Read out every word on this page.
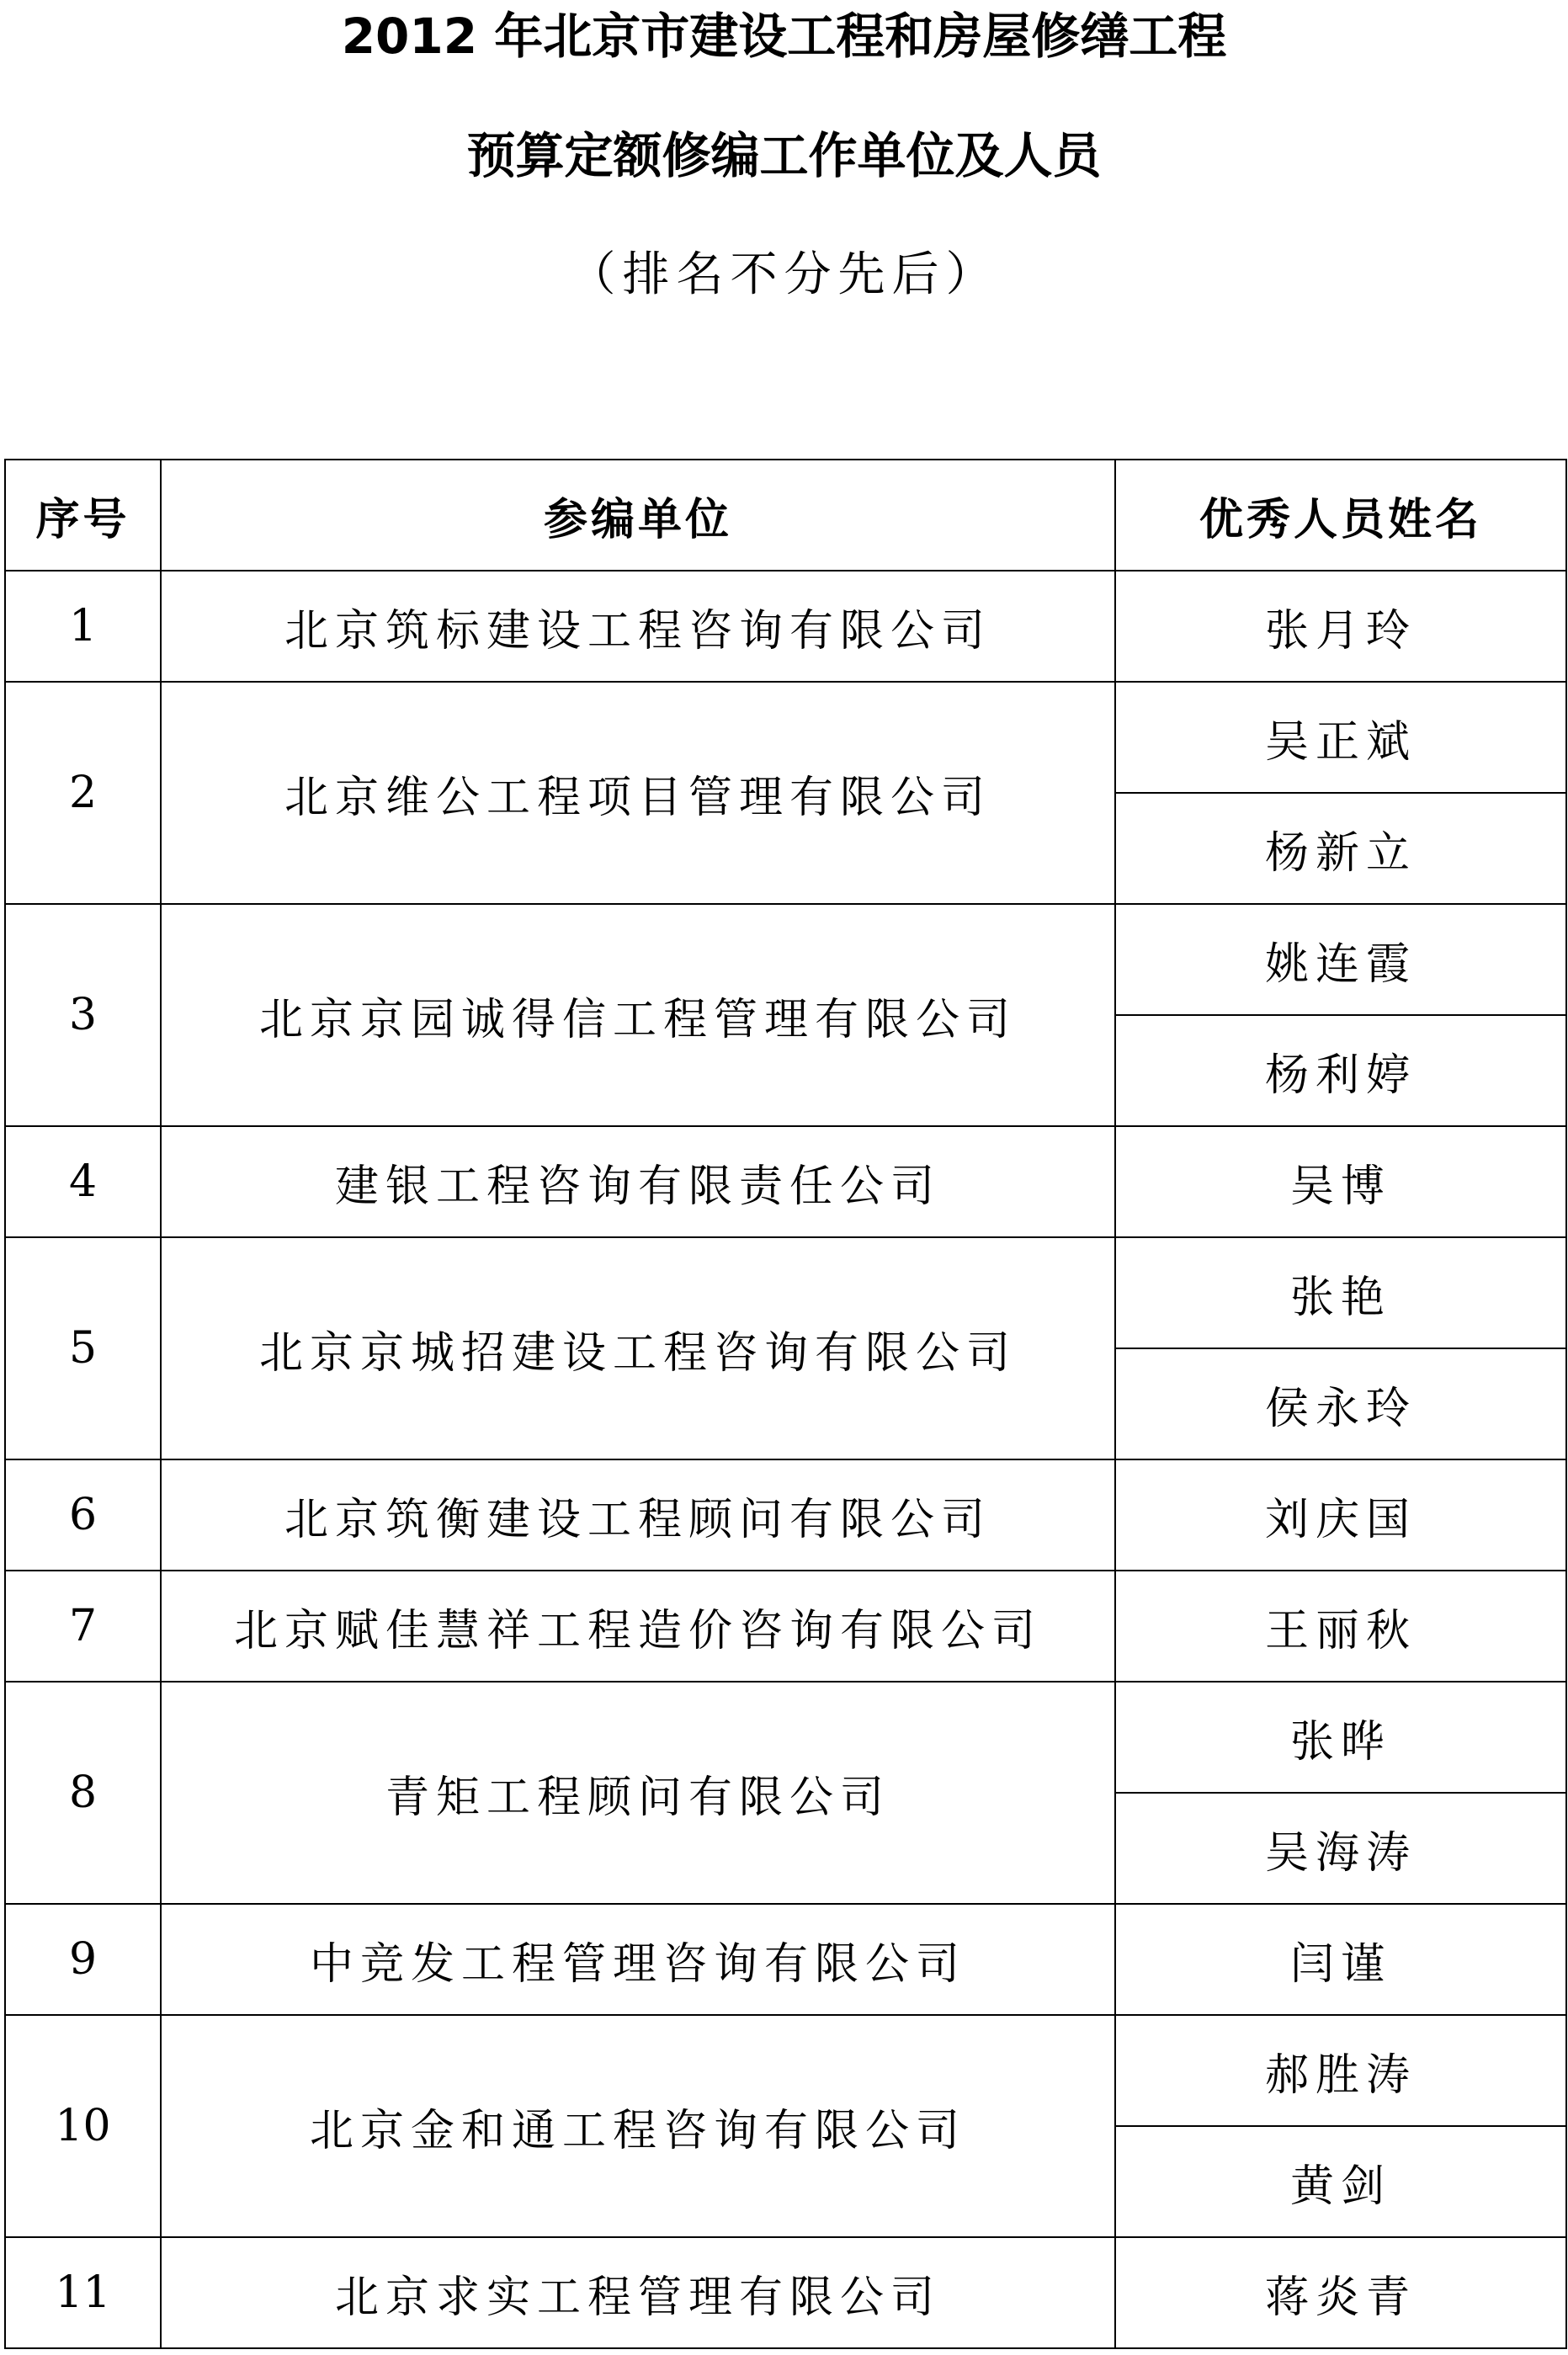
2012 年北京市建设工程和房屋修缮工程
预算定额修编工作单位及人员
（排名不分先后）
序号	参编单位	优秀人员姓名
1	北京筑标建设工程咨询有限公司	张月玲
2	北京维公工程项目管理有限公司	吴正斌
		杨新立
3	北京京园诚得信工程管理有限公司	姚连霞
		杨利婷
4	建银工程咨询有限责任公司	吴博
5	北京京城招建设工程咨询有限公司	张艳
		侯永玲
6	北京筑衡建设工程顾问有限公司	刘庆国
7	北京赋佳慧祥工程造价咨询有限公司	王丽秋
8	青矩工程顾问有限公司	张晔
		吴海涛
9	中竞发工程管理咨询有限公司	闫谨
10	北京金和通工程咨询有限公司	郝胜涛
		黄剑
11	北京求实工程管理有限公司	蒋炎青
